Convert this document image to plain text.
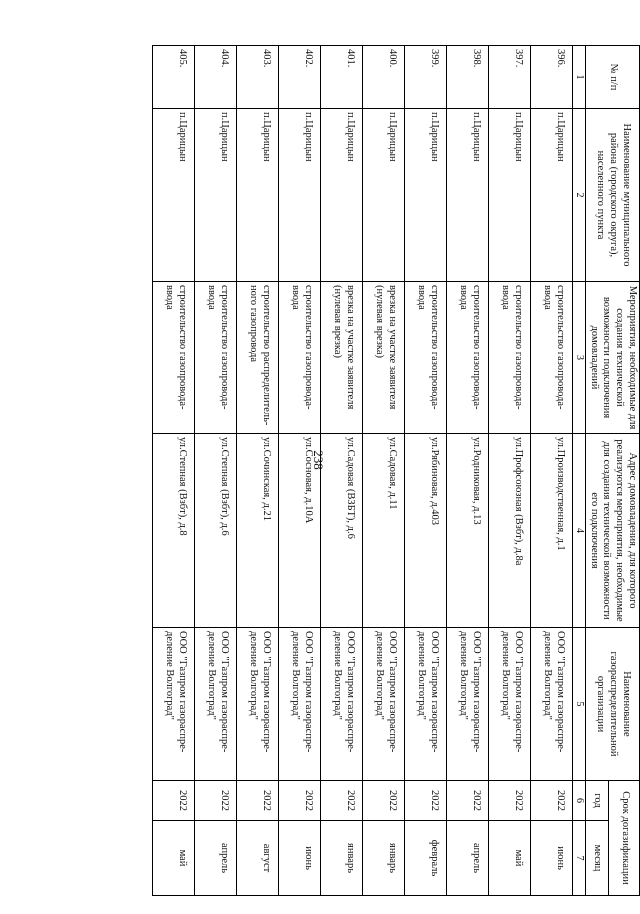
238
№ п/п	Наименование муниципального района (городского округа), населенного пункта	Мероприятия, необходимые для создания технической возможности подключения домовладений	Адрес домовладения, для которого реализуются мероприятия, необходимые для создания технической возможности его подключения	Наименование газораспределительной организации	Срок догазификации	
					год	месяц
1	2	3	4	5	6	7
396.	п.Царицын	строительство газопровода-ввода	ул.Производственная, д.1	ООО "Газпром газораспре-деление Волгоград"	2022	июнь
397.	п.Царицын	строительство газопровода-ввода	ул.Профсоюзная (Взбт), д.8а	ООО "Газпром газораспре-деление Волгоград"	2022	май
398.	п.Царицын	строительство газопровода-ввода	ул.Родниковая, д.13	ООО "Газпром газораспре-деление Волгоград"	2022	апрель
399.	п.Царицын	строительство газопровода-ввода	ул.Рябиновая, д.403	ООО "Газпром газораспре-деление Волгоград"	2022	февраль
400.	п.Царицын	врезка на участке заявителя (нулевая врезка)	ул.Садовая, д.11	ООО "Газпром газораспре-деление Волгоград"	2022	январь
401.	п.Царицын	врезка на участке заявителя (нулевая врезка)	ул.Садовая (ВЗБТ), д.6	ООО "Газпром газораспре-деление Волгоград"	2022	январь
402.	п.Царицын	строительство газопровода-ввода	ул.Сосновая, д.10А	ООО "Газпром газораспре-деление Волгоград"	2022	июнь
403.	п.Царицын	строительство распределитель-ного газопровода	ул.Сочинская, д.21	ООО "Газпром газораспре-деление Волгоград"	2022	август
404.	п.Царицын	строительство газопровода-ввода	ул.Степная (Взбт), д.6	ООО "Газпром газораспре-деление Волгоград"	2022	апрель
405.	п.Царицын	строительство газопровода-ввода	ул.Степная (Взбт), д.8	ООО "Газпром газораспре-деление Волгоград"	2022	май
